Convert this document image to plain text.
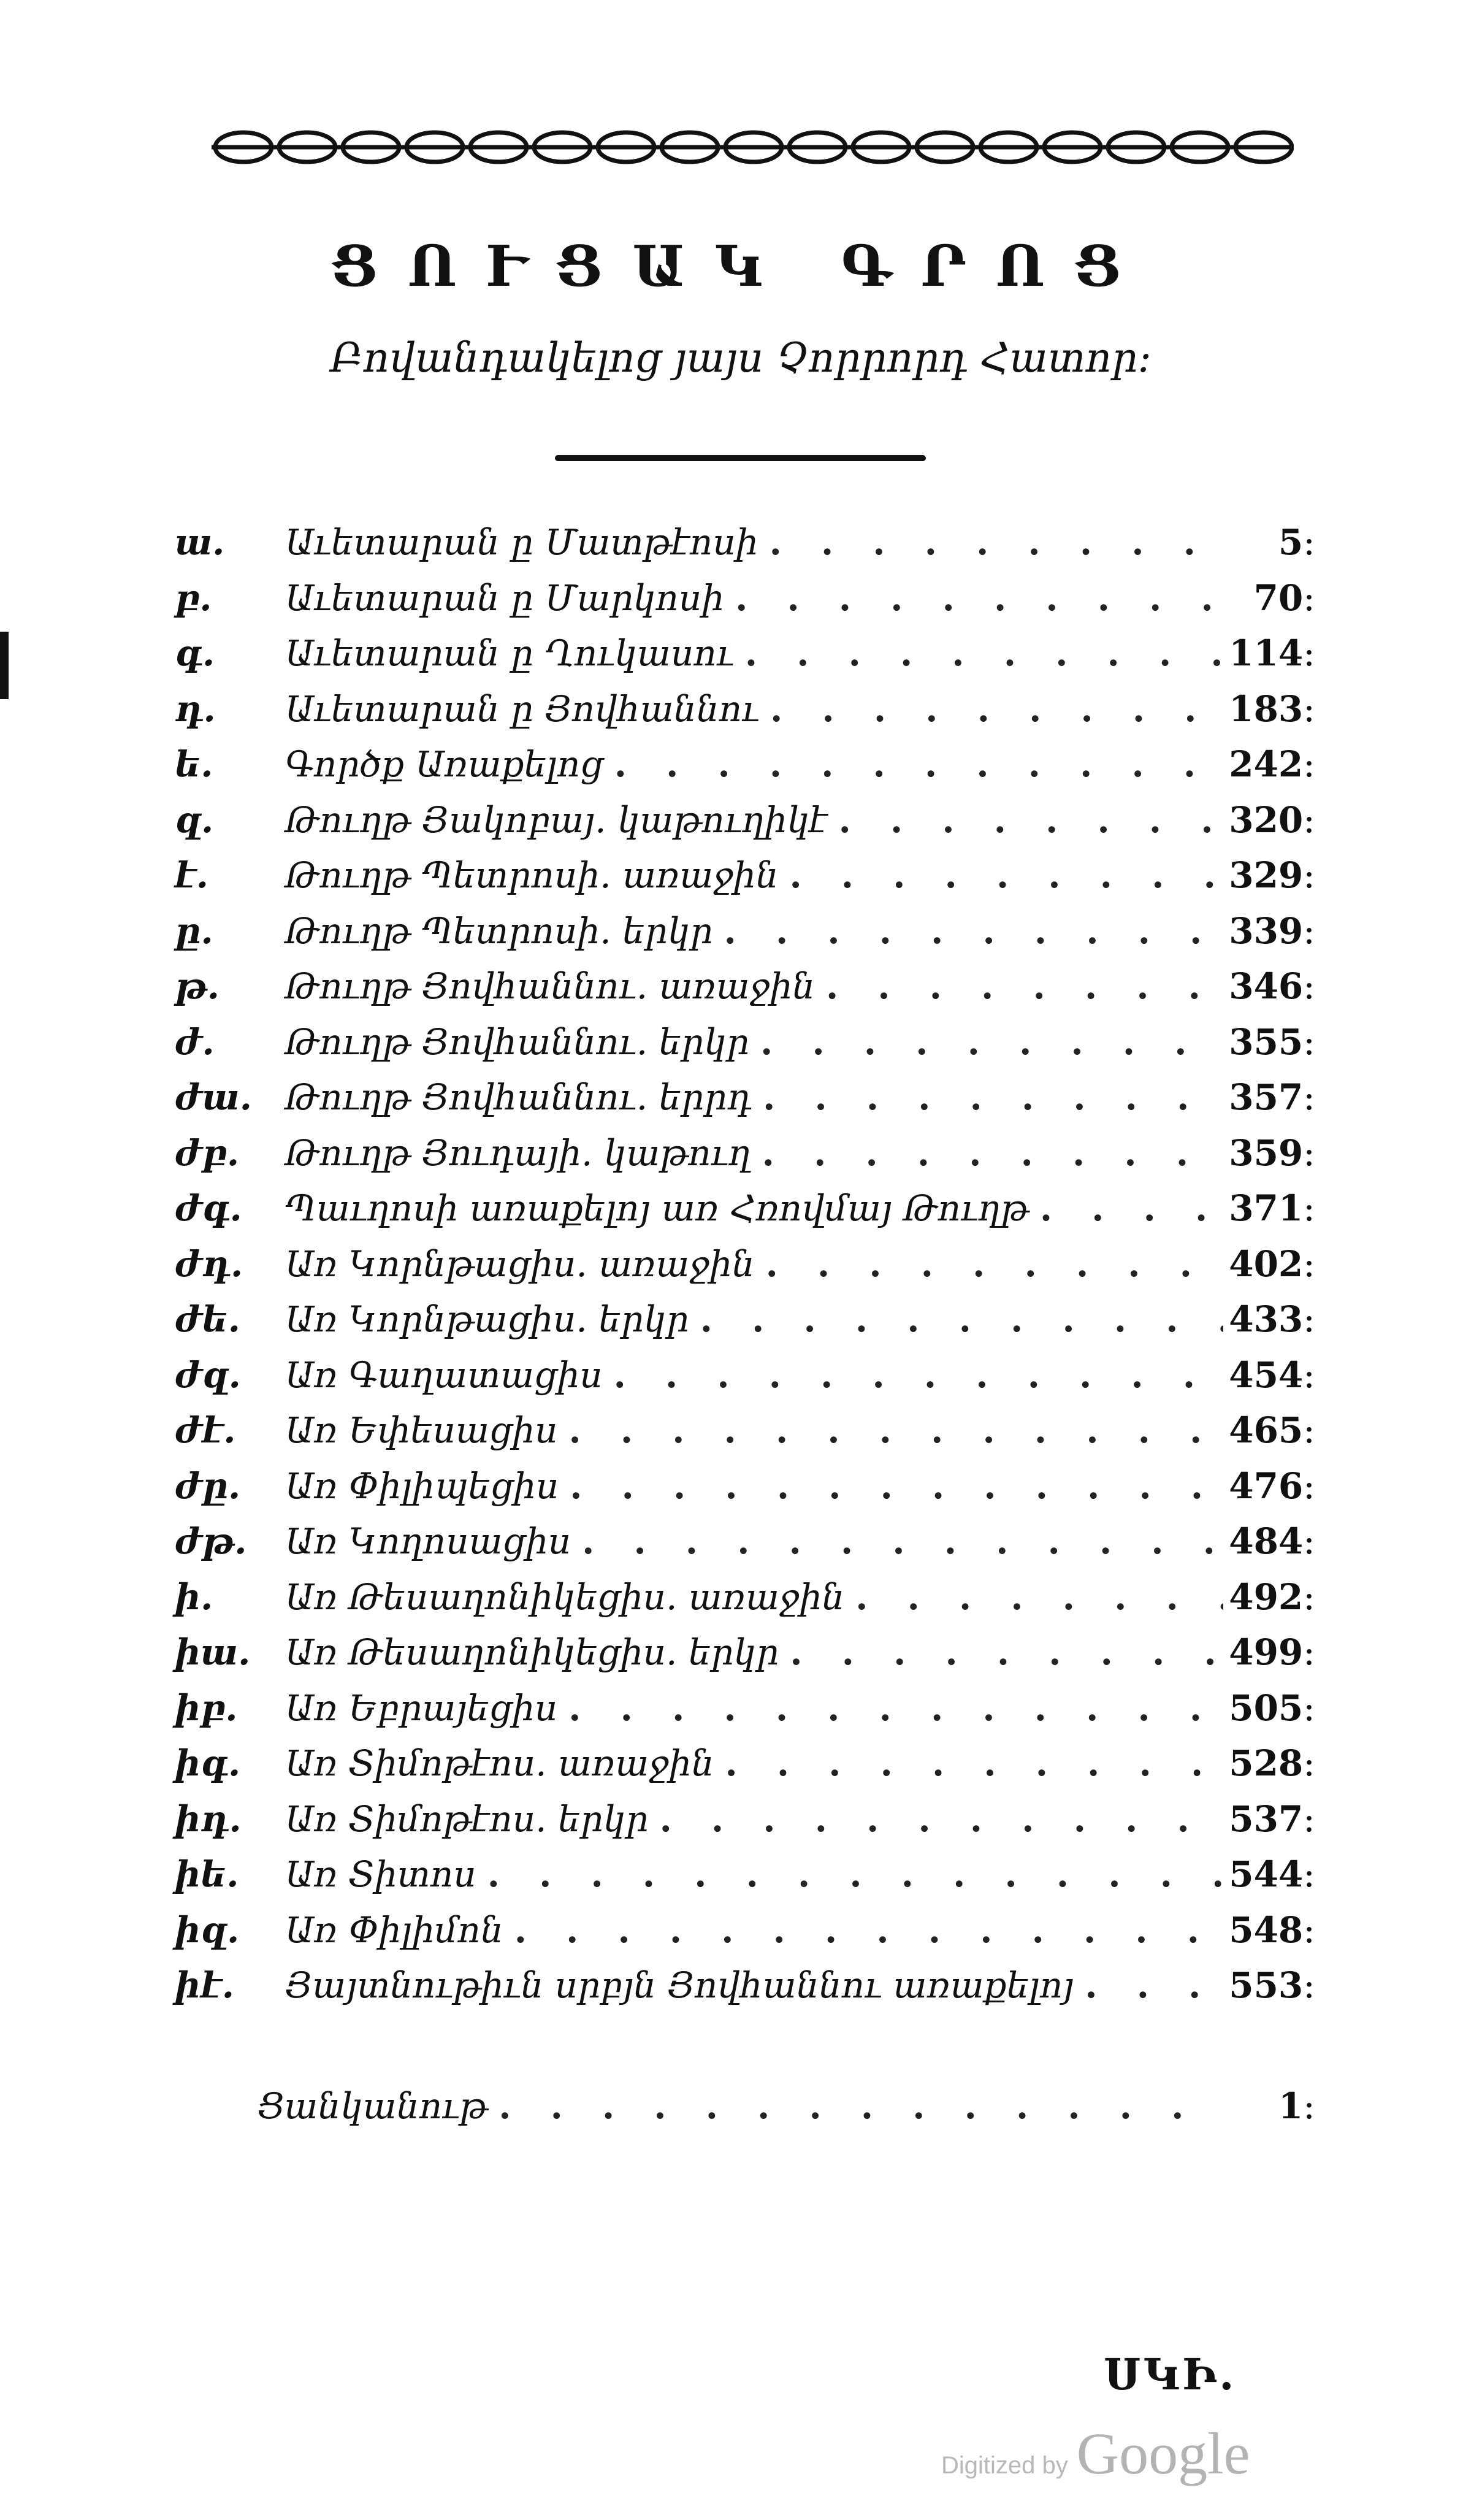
ՑՈՒՑԱԿ ԳՐՈՑ
Բովանդակելոց յայս Չորրորդ Հատոր։
ա.	Աւետարան ը Մատթէոսի . . .	5։
բ.	Աւետարան ը Մարկոսի . . .	70։
գ.	Աւետարան ը Ղուկասու . . .	114։
դ.	Աւետարան ը Յովհաննու . . .	183։
ե.	Գործք Առաքելոց . . .	242։
զ.	Թուղթ Յակոբայ. կաթուղիկէ . . .	320։
է.	Թուղթ Պետրոսի. առաջին . . .	329։
ը.	Թուղթ Պետրոսի. երկր . . .	339։
թ.	Թուղթ Յովհաննու. առաջին . . .	346։
ժ.	Թուղթ Յովհաննու. երկր . . .	355։
ժա. Թուղթ Յովհաննու. երրդ . . .	357։
ժբ.	Թուղթ Յուդայի. կաթուղ . . .	359։
ժգ.	Պաւղոսի առաքելոյ առ Հռովմայ Թուղթ . . .	371։
ժդ.	Առ Կորնթացիս. առաջին . . .	402։
ժե.	Առ Կորնթացիս. երկր . . .	433։
ժզ.	Առ Գաղատացիս . . .	454։
ժէ.	Առ Եփեսացիս . . .	465։
ժը.	Առ Փիլիպեցիս . . .	476։
ժթ.	Առ Կողոսացիս . . .	484։
ի.	Առ Թեսաղոնիկեցիս. առաջին . . .	492։
իա. Առ Թեսաղոնիկեցիս. երկր . . .	499։
իբ.	Առ Եբրայեցիս . . .	505։
իգ.	Առ Տիմոթէոս. առաջին . . .	528։
իդ.	Առ Տիմոթէոս. երկր . . .	537։
իե.	Առ Տիտոս . . .	544։
իզ.	Առ Փիլիմոն . . .	548։
իէ.	Յայտնութիւն սրբյն Յովհաննու առաքելոյ . . .	553։
Ցանկանութ . . .	1։
ՍԿԻ.
Digitized by Google
